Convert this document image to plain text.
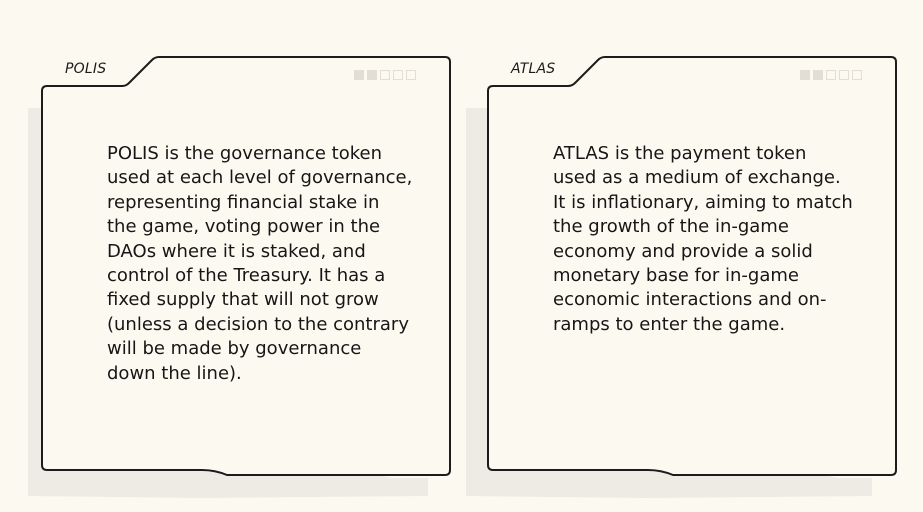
POLIS
POLIS is the governance token
used at each level of governance,
representing financial stake in
the game, voting power in the
DAOs where it is staked, and
control of the Treasury. It has a
fixed supply that will not grow
(unless a decision to the contrary
will be made by governance
down the line).
ATLAS
ATLAS is the payment token
used as a medium of exchange.
It is inflationary, aiming to match
the growth of the in-game
economy and provide a solid
monetary base for in-game
economic interactions and on-
ramps to enter the game.
